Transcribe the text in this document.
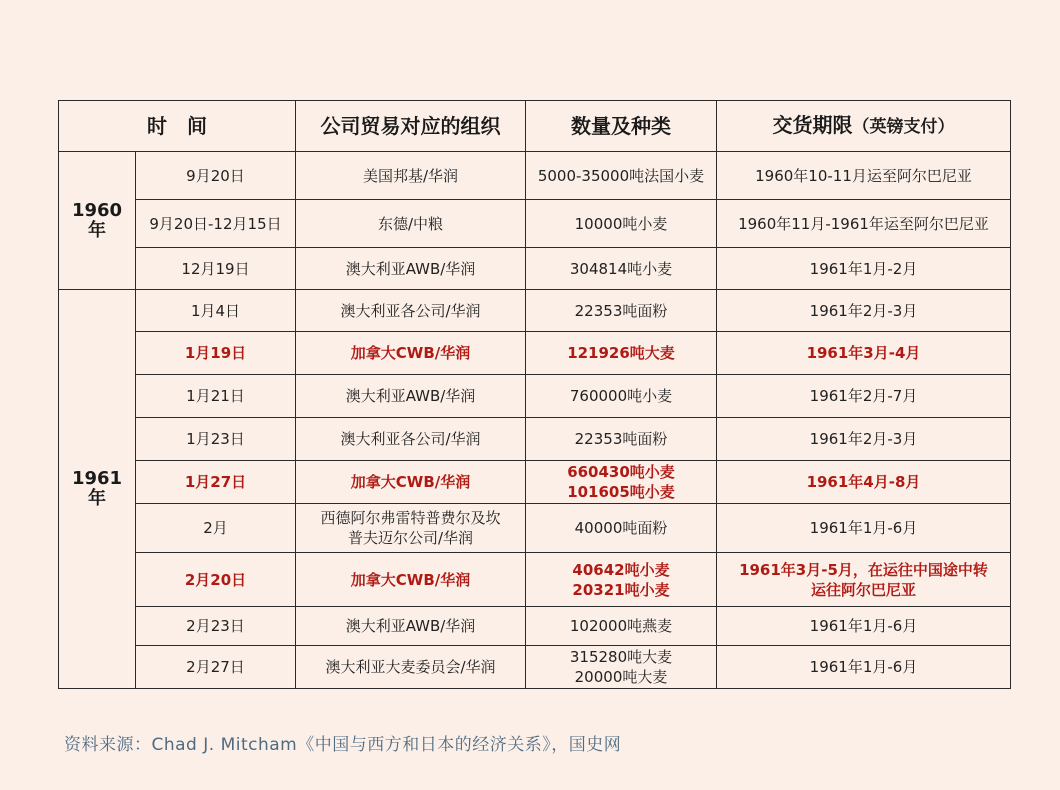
时　间		公司贸易对应的组织	数量及种类	交货期限（英镑支付）
1960年	9月20日	美国邦基/华润	5000-35000吨法国小麦	1960年10-11月运至阿尔巴尼亚

	9月20日-12月15日	东德/中粮	10000吨小麦	1960年11月-1961年运至阿尔巴尼亚

	12月19日	澳大利亚AWB/华润	304814吨小麦	1961年1月-2月

1961年	1月4日	澳大利亚各公司/华润	22353吨面粉	1961年2月-3月

	1月19日	加拿大CWB/华润	121926吨大麦	1961年3月-4月

	1月21日	澳大利亚AWB/华润	760000吨小麦	1961年2月-7月

	1月23日	澳大利亚各公司/华润	22353吨面粉	1961年2月-3月

	1月27日	加拿大CWB/华润	660430吨小麦
101605吨小麦	1961年4月-8月

	2月	西德阿尔弗雷特普费尔及坎
普夫迈尔公司/华润	40000吨面粉	1961年1月-6月

	2月20日	加拿大CWB/华润	40642吨小麦
20321吨小麦	1961年3月-5月，在运往中国途中转
运往阿尔巴尼亚

	2月23日	澳大利亚AWB/华润	102000吨燕麦	1961年1月-6月

	2月27日	澳大利亚大麦委员会/华润	315280吨大麦
20000吨大麦	1961年1月-6月
资料来源：Chad J. Mitcham《中国与西方和日本的经济关系》，国史网
